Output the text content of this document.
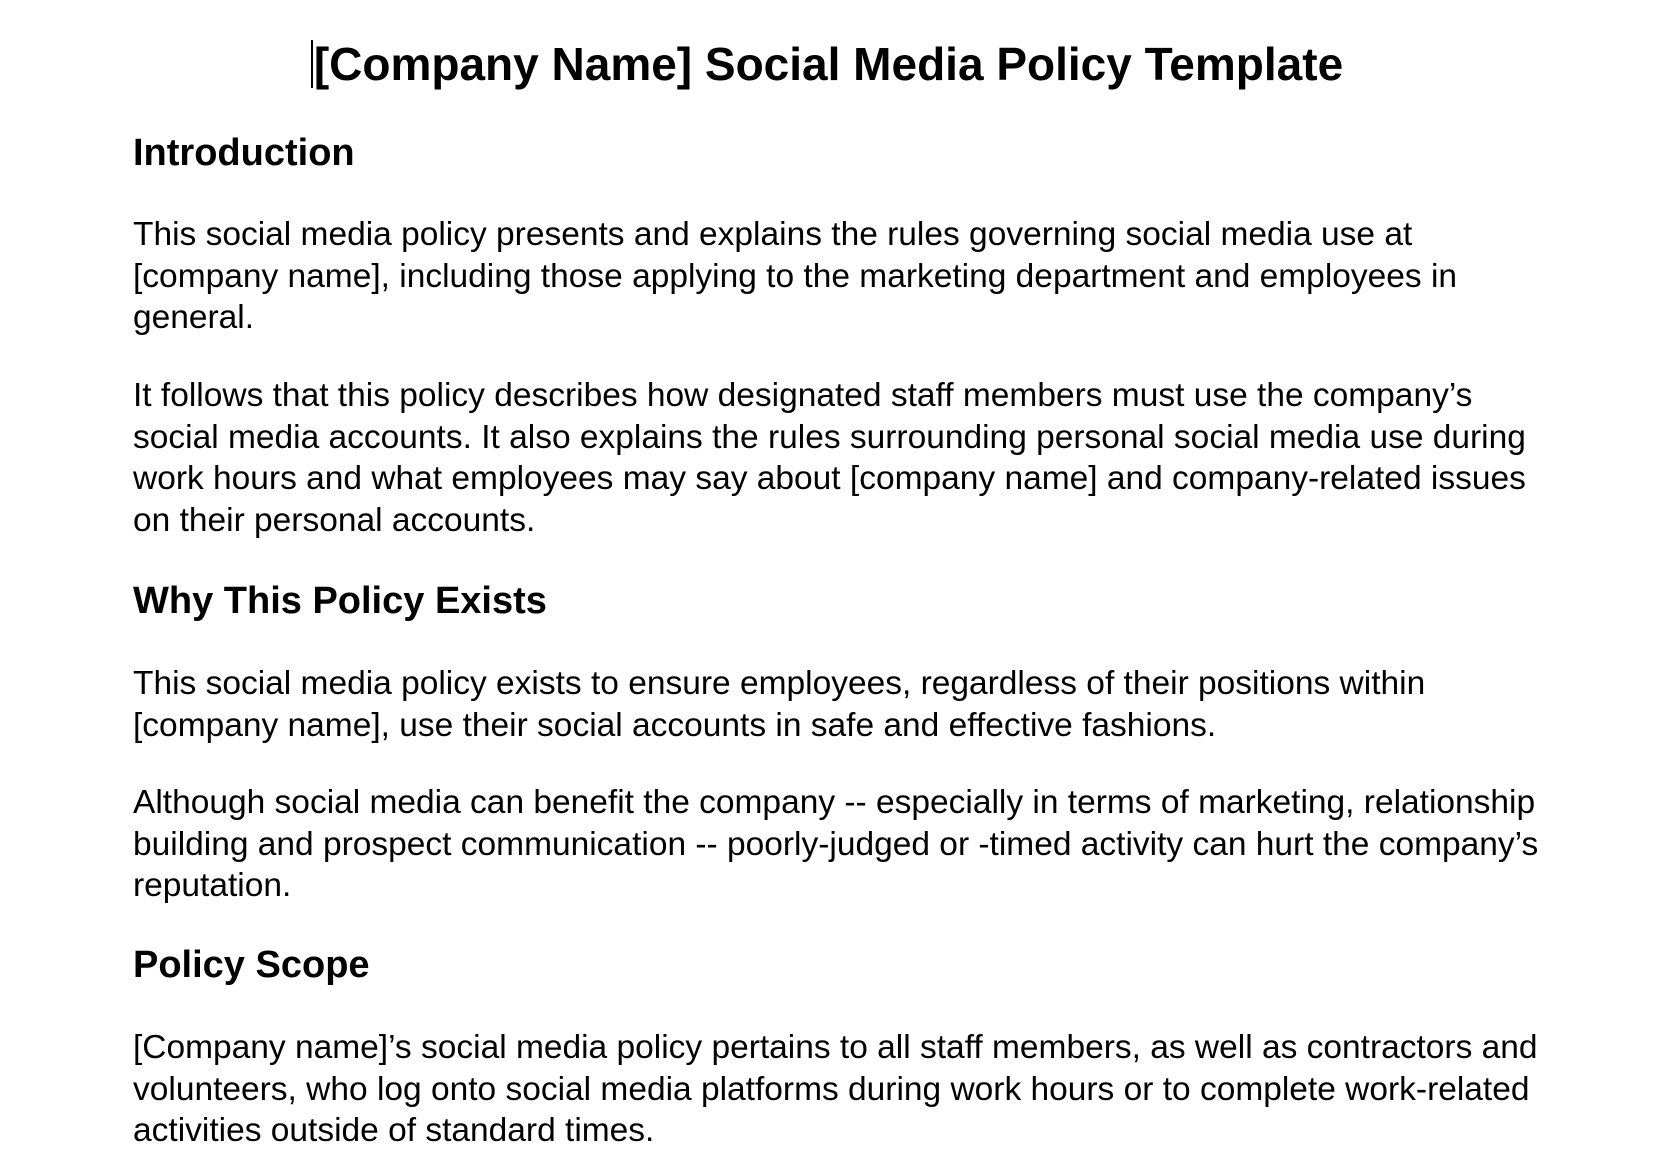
[Company Name] Social Media Policy Template
Introduction

This social media policy presents and explains the rules governing social media use at [company name], including those applying to the marketing department and employees in general.

It follows that this policy describes how designated staff members must use the company’s social media accounts. It also explains the rules surrounding personal social media use during work hours and what employees may say about [company name] and company-related issues on their personal accounts.

Why This Policy Exists

This social media policy exists to ensure employees, regardless of their positions within [company name], use their social accounts in safe and effective fashions.

Although social media can benefit the company -- especially in terms of marketing, relationship building and prospect communication -- poorly-judged or -timed activity can hurt the company’s reputation.

Policy Scope

[Company name]’s social media policy pertains to all staff members, as well as contractors and volunteers, who log onto social media platforms during work hours or to complete work-related activities outside of standard times.
